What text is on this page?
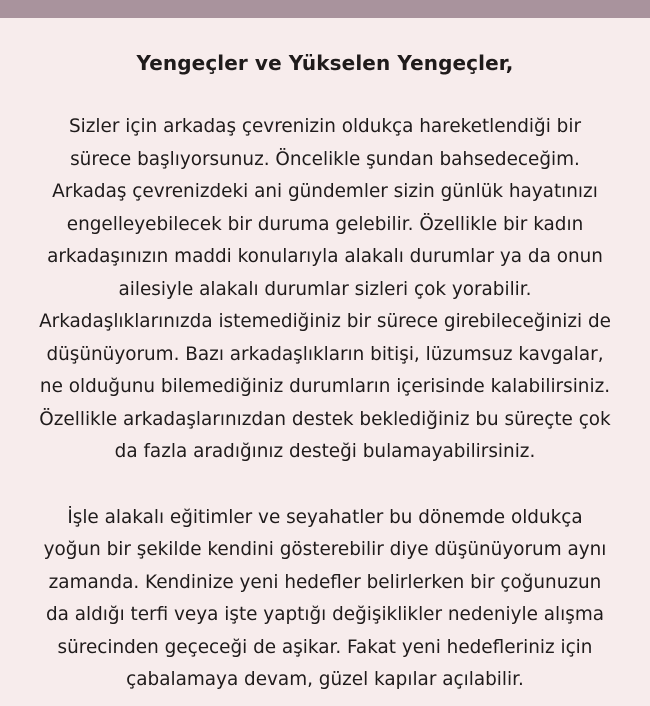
Yengeçler ve Yükselen Yengeçler,

Sizler için arkadaş çevrenizin oldukça hareketlendiği bir
sürece başlıyorsunuz. Öncelikle şundan bahsedeceğim.
Arkadaş çevrenizdeki ani gündemler sizin günlük hayatınızı
engelleyebilecek bir duruma gelebilir. Özellikle bir kadın
arkadaşınızın maddi konularıyla alakalı durumlar ya da onun
ailesiyle alakalı durumlar sizleri çok yorabilir.
Arkadaşlıklarınızda istemediğiniz bir sürece girebileceğinizi de
düşünüyorum. Bazı arkadaşlıkların bitişi, lüzumsuz kavgalar,
ne olduğunu bilemediğiniz durumların içerisinde kalabilirsiniz.
Özellikle arkadaşlarınızdan destek beklediğiniz bu süreçte çok
da fazla aradığınız desteği bulamayabilirsiniz.

İşle alakalı eğitimler ve seyahatler bu dönemde oldukça
yoğun bir şekilde kendini gösterebilir diye düşünüyorum aynı
zamanda. Kendinize yeni hedefler belirlerken bir çoğunuzun
da aldığı terfi veya işte yaptığı değişiklikler nedeniyle alışma
sürecinden geçeceği de aşikar. Fakat yeni hedefleriniz için
çabalamaya devam, güzel kapılar açılabilir.
